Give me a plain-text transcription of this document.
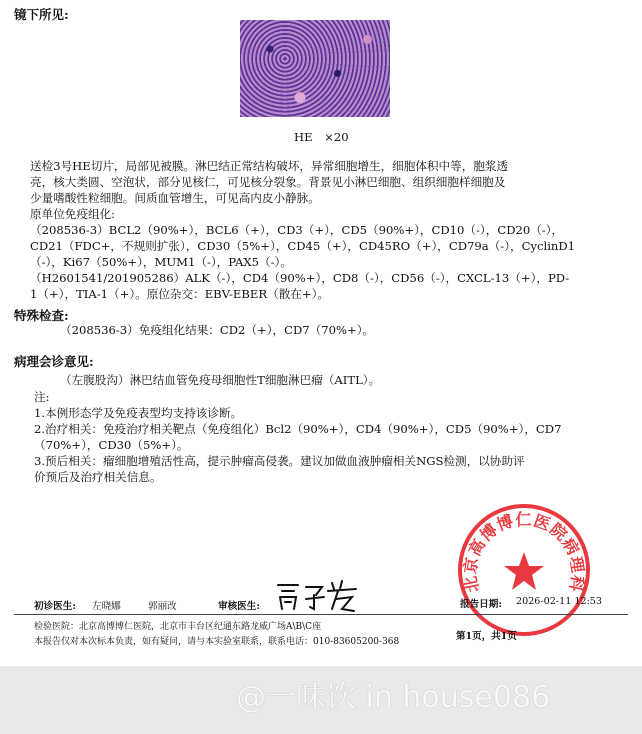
镜下所见:
HE　×20
送检3号HE切片，局部见被膜。淋巴结正常结构破坏，异常细胞增生，细胞体积中等，胞浆透
亮，核大类圆、空泡状，部分见核仁，可见核分裂象。背景见小淋巴细胞、组织细胞样细胞及
少量嗜酸性粒细胞。间质血管增生，可见高内皮小静脉。
原单位免疫组化:
（208536-3）BCL2（90%+），BCL6（+），CD3（+），CD5（90%+），CD10（-），CD20（-），
CD21（FDC+，不规则扩张），CD30（5%+），CD45（+），CD45RO（+），CD79a（-），CyclinD1
（-），Ki67（50%+），MUM1（-），PAX5（-）。
（H2601541/201905286）ALK（-），CD4（90%+），CD8（-），CD56（-），CXCL-13（+），PD-
1（+），TIA-1（+）。原位杂交：EBV-EBER（散在+）。
特殊检查:
（208536-3）免疫组化结果：CD2（+），CD7（70%+）。
病理会诊意见:
（左腹股沟）淋巴结血管免疫母细胞性T细胞淋巴瘤（AITL）。
注:
1.本例形态学及免疫表型均支持该诊断。
2.治疗相关：免疫治疗相关靶点（免疫组化）Bcl2（90%+），CD4（90%+），CD5（90%+），CD7
（70%+），CD30（5%+）。
3.预后相关：瘤细胞增殖活性高，提示肿瘤高侵袭。建议加做血液肿瘤相关NGS检测，以协助评
价预后及治疗相关信息。
北京高博博仁医院病理科
初诊医生: 左晓娜	郭丽改	审核医生:	报告日期: 2026-02-11 12:53
检验医院：北京高博博仁医院，北京市丰台区纪通东路龙威广场A\B\C座
本报告仅对本次标本负责，如有疑问，请与本实验室联系，联系电话：010-83605200-368	第1页，共1页
@一味饮 in house086
